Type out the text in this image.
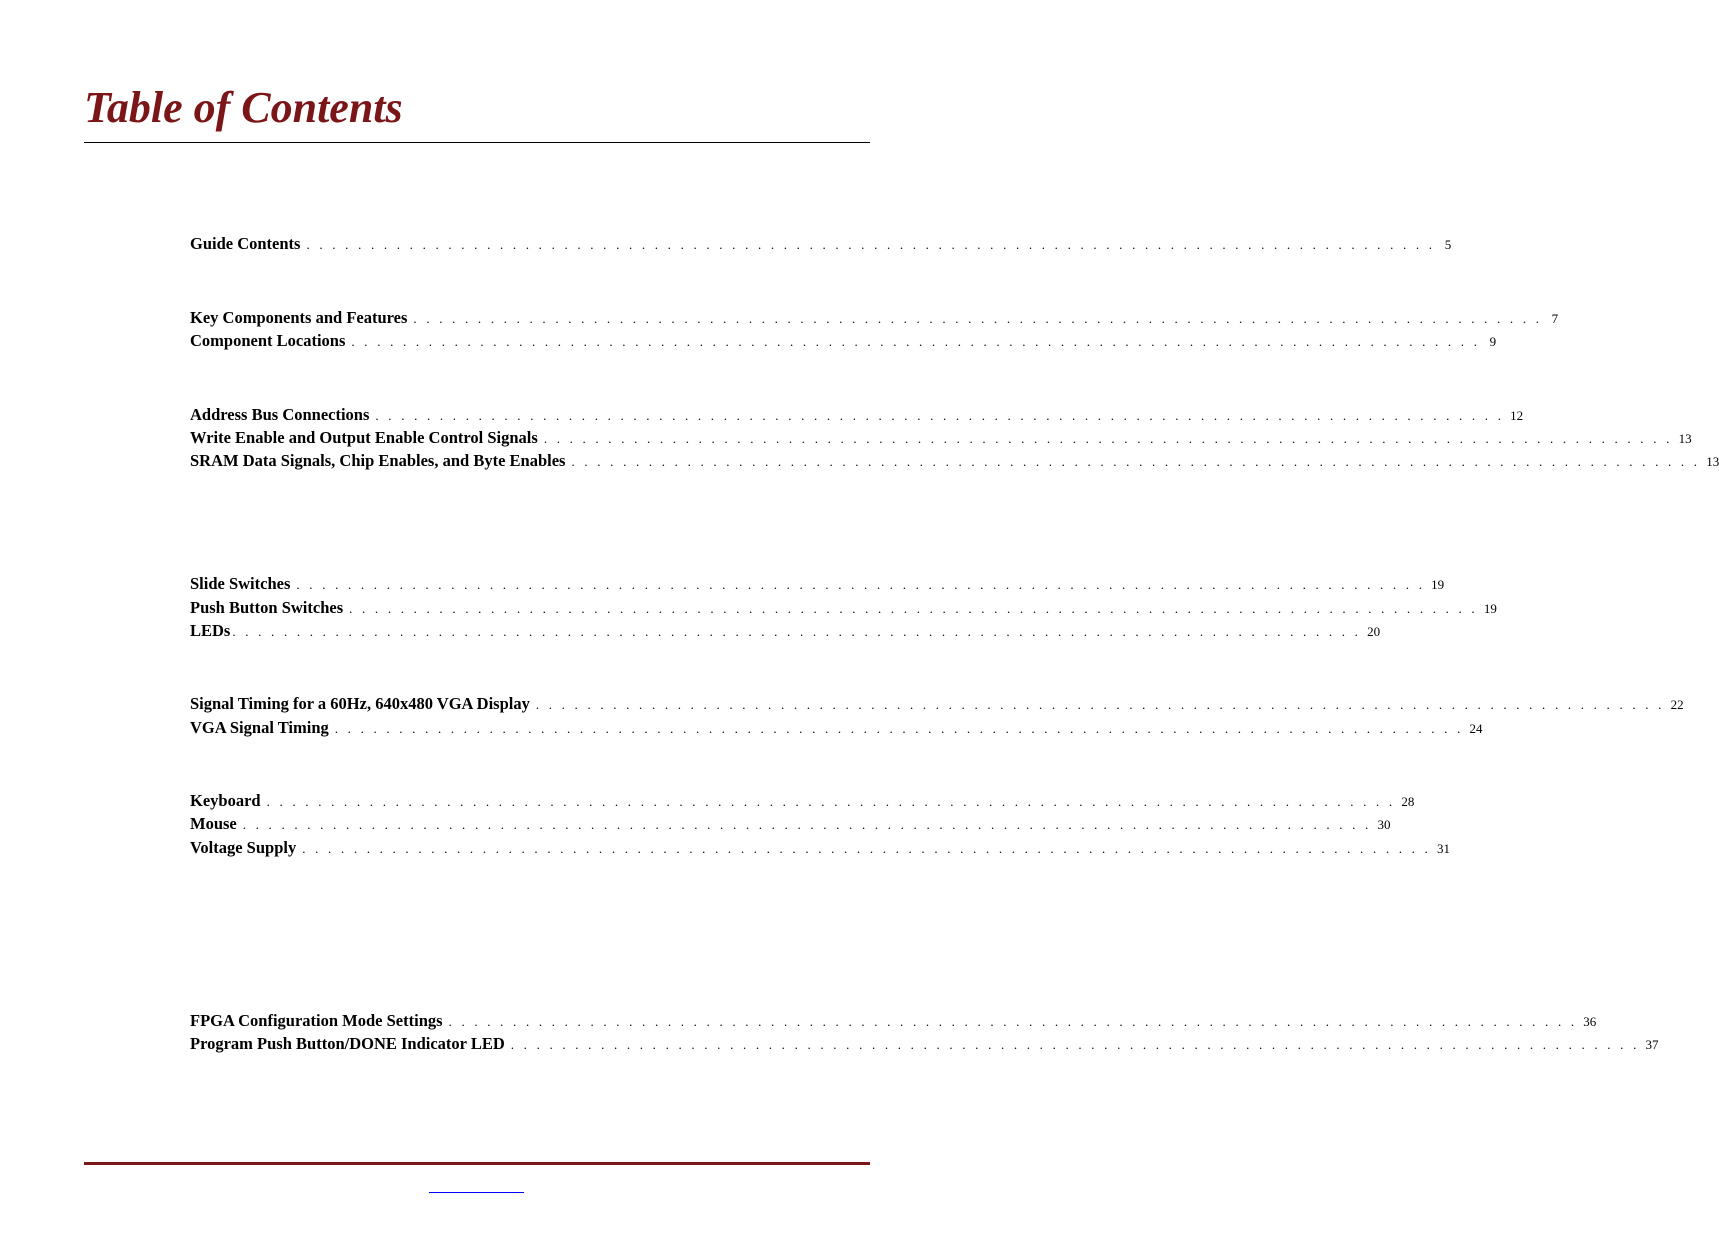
Table of Contents
Guide Contents . . . . . . . . . . . . . . . . . . . . . . . . . . . . . . . . . . . . . . . . . . . . . . . . . . . . . . . . . . . . . . . . . . . . . . . . . . . . . . . . . . . . . . . . 5
Key Components and Features . . . . . . . . . . . . . . . . . . . . . . . . . . . . . . . . . . . . . . . . . . . . . . . . . . . . . . . . . . . . . . . . . . . . . . . . . . . . . . . . . . . . . . . . 7
Component Locations . . . . . . . . . . . . . . . . . . . . . . . . . . . . . . . . . . . . . . . . . . . . . . . . . . . . . . . . . . . . . . . . . . . . . . . . . . . . . . . . . . . . . . . . 9
Address Bus Connections . . . . . . . . . . . . . . . . . . . . . . . . . . . . . . . . . . . . . . . . . . . . . . . . . . . . . . . . . . . . . . . . . . . . . . . . . . . . . . . . . . . . . . . . 12
Write Enable and Output Enable Control Signals . . . . . . . . . . . . . . . . . . . . . . . . . . . . . . . . . . . . . . . . . . . . . . . . . . . . . . . . . . . . . . . . . . . . . . . . . . . . . . . . . . . . . . . . 13
SRAM Data Signals, Chip Enables, and Byte Enables . . . . . . . . . . . . . . . . . . . . . . . . . . . . . . . . . . . . . . . . . . . . . . . . . . . . . . . . . . . . . . . . . . . . . . . . . . . . . . . . . . . . . . . . 13
Slide Switches . . . . . . . . . . . . . . . . . . . . . . . . . . . . . . . . . . . . . . . . . . . . . . . . . . . . . . . . . . . . . . . . . . . . . . . . . . . . . . . . . . . . . . . . 19
Push Button Switches . . . . . . . . . . . . . . . . . . . . . . . . . . . . . . . . . . . . . . . . . . . . . . . . . . . . . . . . . . . . . . . . . . . . . . . . . . . . . . . . . . . . . . . . 19
LEDs . . . . . . . . . . . . . . . . . . . . . . . . . . . . . . . . . . . . . . . . . . . . . . . . . . . . . . . . . . . . . . . . . . . . . . . . . . . . . . . . . . . . . . . . 20
Signal Timing for a 60Hz, 640x480 VGA Display . . . . . . . . . . . . . . . . . . . . . . . . . . . . . . . . . . . . . . . . . . . . . . . . . . . . . . . . . . . . . . . . . . . . . . . . . . . . . . . . . . . . . . . . 22
VGA Signal Timing . . . . . . . . . . . . . . . . . . . . . . . . . . . . . . . . . . . . . . . . . . . . . . . . . . . . . . . . . . . . . . . . . . . . . . . . . . . . . . . . . . . . . . . . 24
Keyboard . . . . . . . . . . . . . . . . . . . . . . . . . . . . . . . . . . . . . . . . . . . . . . . . . . . . . . . . . . . . . . . . . . . . . . . . . . . . . . . . . . . . . . . . 28
Mouse . . . . . . . . . . . . . . . . . . . . . . . . . . . . . . . . . . . . . . . . . . . . . . . . . . . . . . . . . . . . . . . . . . . . . . . . . . . . . . . . . . . . . . . . 30
Voltage Supply . . . . . . . . . . . . . . . . . . . . . . . . . . . . . . . . . . . . . . . . . . . . . . . . . . . . . . . . . . . . . . . . . . . . . . . . . . . . . . . . . . . . . . . . 31
FPGA Configuration Mode Settings . . . . . . . . . . . . . . . . . . . . . . . . . . . . . . . . . . . . . . . . . . . . . . . . . . . . . . . . . . . . . . . . . . . . . . . . . . . . . . . . . . . . . . . . 36
Program Push Button/DONE Indicator LED . . . . . . . . . . . . . . . . . . . . . . . . . . . . . . . . . . . . . . . . . . . . . . . . . . . . . . . . . . . . . . . . . . . . . . . . . . . . . . . . . . . . . . . . 37
